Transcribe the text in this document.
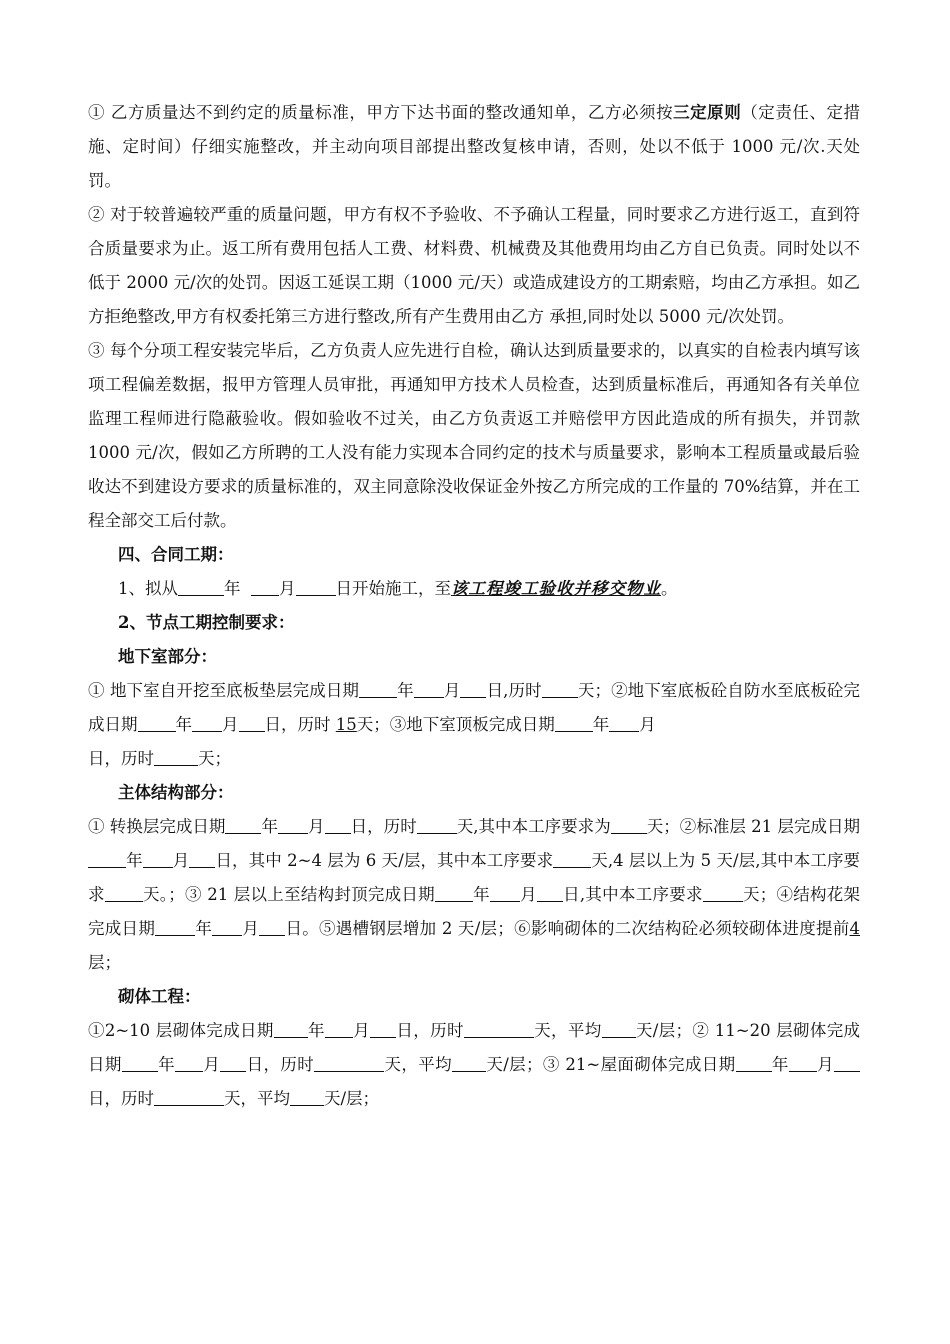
① 乙方质量达不到约定的质量标准，甲方下达书面的整改通知单，乙方必须按三定原则（定责任、定措施、定时间）仔细实施整改，并主动向项目部提出整改复核申请，否则，处以不低于 1000 元/次.天处罚。

② 对于较普遍较严重的质量问题，甲方有权不予验收、不予确认工程量，同时要求乙方进行返工，直到符合质量要求为止。返工所有费用包括人工费、材料费、机械费及其他费用均由乙方自已负责。同时处以不低于 2000 元/次的处罚。因返工延误工期（1000 元/天）或造成建设方的工期索赔，均由乙方承担。如乙方拒绝整改,甲方有权委托第三方进行整改,所有产生费用由乙方 承担,同时处以 5000 元/次处罚。

③ 每个分项工程安装完毕后，乙方负责人应先进行自检，确认达到质量要求的，以真实的自检表内填写该项工程偏差数据，报甲方管理人员审批，再通知甲方技术人员检查，达到质量标准后，再通知各有关单位监理工程师进行隐蔽验收。假如验收不过关，由乙方负责返工并赔偿甲方因此造成的所有损失，并罚款 1000 元/次，假如乙方所聘的工人没有能力实现本合同约定的技术与质量要求，影响本工程质量或最后验收达不到建设方要求的质量标准的，双主同意除没收保证金外按乙方所完成的工作量的 70%结算，并在工程全部交工后付款。

四、合同工期：

1、拟从	年 月 日开始施工，至该工程竣工验收并移交物业。

2、节点工期控制要求：

地下室部分：

① 地下室自开挖至底板垫层完成日期 年 月 日,历时 天；②地下室底板砼自防水至底板砼完成日期 年 月 日，历时 15天；③地下室顶板完成日期 年 月
日，历时	天；

主体结构部分：

① 转换层完成日期 年 月 日，历时 天,其中本工序要求为 天；②标准层 21 层完成日期年 月 日，其中 2~4 层为 6 天/层，其中本工序要求 天,4 层以上为 5 天/层,其中本工序要求 天。；③ 21 层以上至结构封顶完成日期 年 月 日,其中本工序要求 天；④结构花架完成日期 年 月 日。⑤遇槽钢层增加 2 天/层；⑥影响砌体的二次结构砼必须较砌体进度提前4层；

砌体工程：

①2~10 层砌体完成日期 年 月 日，历时	天，平均 天/层；② 11~20 层砌体完成日期 年 月 日，历时	天，平均 天/层；③ 21~屋面砌体完成日期 年 月日，历时	天，平均 天/层；
